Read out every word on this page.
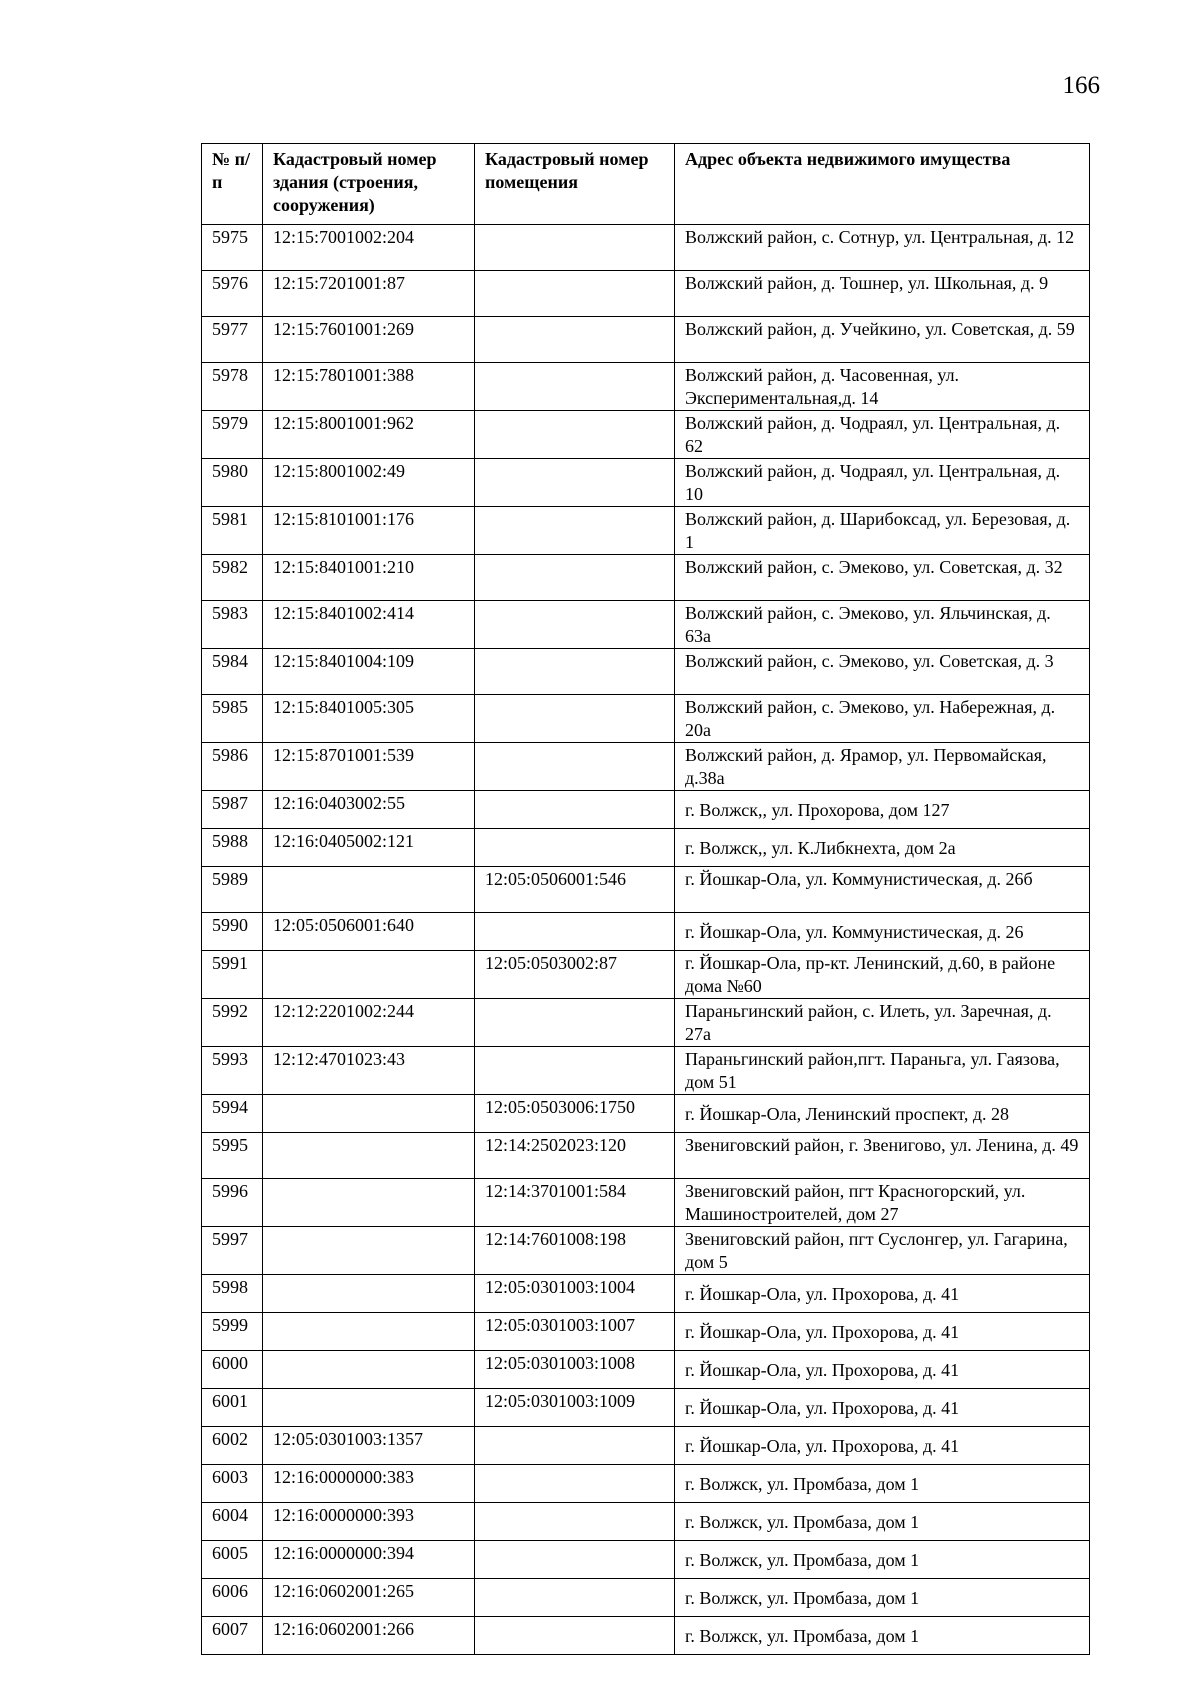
166
№ п/п	Кадастровый номер здания (строения, сооружения)	Кадастровый номер помещения	Адрес объекта недвижимого имущества
5975	12:15:7001002:204		Волжский район, с. Сотнур, ул. Центральная, д. 12
5976	12:15:7201001:87		Волжский район, д. Тошнер, ул. Школьная, д. 9
5977	12:15:7601001:269		Волжский район, д. Учейкино, ул. Советская, д. 59
5978	12:15:7801001:388		Волжский район, д. Часовенная, ул. Экспериментальная,д. 14
5979	12:15:8001001:962		Волжский район, д. Чодраял, ул. Центральная, д. 62
5980	12:15:8001002:49		Волжский район, д. Чодраял, ул. Центральная, д. 10
5981	12:15:8101001:176		Волжский район, д. Шарибоксад, ул. Березовая, д. 1
5982	12:15:8401001:210		Волжский район, с. Эмеково, ул. Советская, д. 32
5983	12:15:8401002:414		Волжский район, с. Эмеково, ул. Яльчинская, д. 63а
5984	12:15:8401004:109		Волжский район, с. Эмеково, ул. Советская, д. 3
5985	12:15:8401005:305		Волжский район, с. Эмеково, ул. Набережная, д. 20а
5986	12:15:8701001:539		Волжский район, д. Ярамор, ул. Первомайская, д.38а
5987	12:16:0403002:55		г. Волжск,, ул. Прохорова, дом 127
5988	12:16:0405002:121		г. Волжск,, ул. К.Либкнехта, дом 2а
5989		12:05:0506001:546	г. Йошкар-Ола, ул. Коммунистическая, д. 26б
5990	12:05:0506001:640		г. Йошкар-Ола, ул. Коммунистическая, д. 26
5991		12:05:0503002:87	г. Йошкар-Ола, пр-кт. Ленинский, д.60, в районе дома №60
5992	12:12:2201002:244		Параньгинский район, с. Илеть, ул. Заречная, д. 27а
5993	12:12:4701023:43		Параньгинский район,пгт. Параньга, ул. Гаязова, дом 51
5994		12:05:0503006:1750	г. Йошкар-Ола, Ленинский проспект, д. 28
5995		12:14:2502023:120	Звениговский район, г. Звенигово, ул. Ленина, д. 49
5996		12:14:3701001:584	Звениговский район, пгт Красногорский, ул. Машиностроителей, дом 27
5997		12:14:7601008:198	Звениговский район, пгт Суслонгер, ул. Гагарина, дом 5
5998		12:05:0301003:1004	г. Йошкар-Ола, ул. Прохорова, д. 41
5999		12:05:0301003:1007	г. Йошкар-Ола, ул. Прохорова, д. 41
6000		12:05:0301003:1008	г. Йошкар-Ола, ул. Прохорова, д. 41
6001		12:05:0301003:1009	г. Йошкар-Ола, ул. Прохорова, д. 41
6002	12:05:0301003:1357		г. Йошкар-Ола, ул. Прохорова, д. 41
6003	12:16:0000000:383		г. Волжск, ул. Промбаза, дом 1
6004	12:16:0000000:393		г. Волжск, ул. Промбаза, дом 1
6005	12:16:0000000:394		г. Волжск, ул. Промбаза, дом 1
6006	12:16:0602001:265		г. Волжск, ул. Промбаза, дом 1
6007	12:16:0602001:266		г. Волжск, ул. Промбаза, дом 1
